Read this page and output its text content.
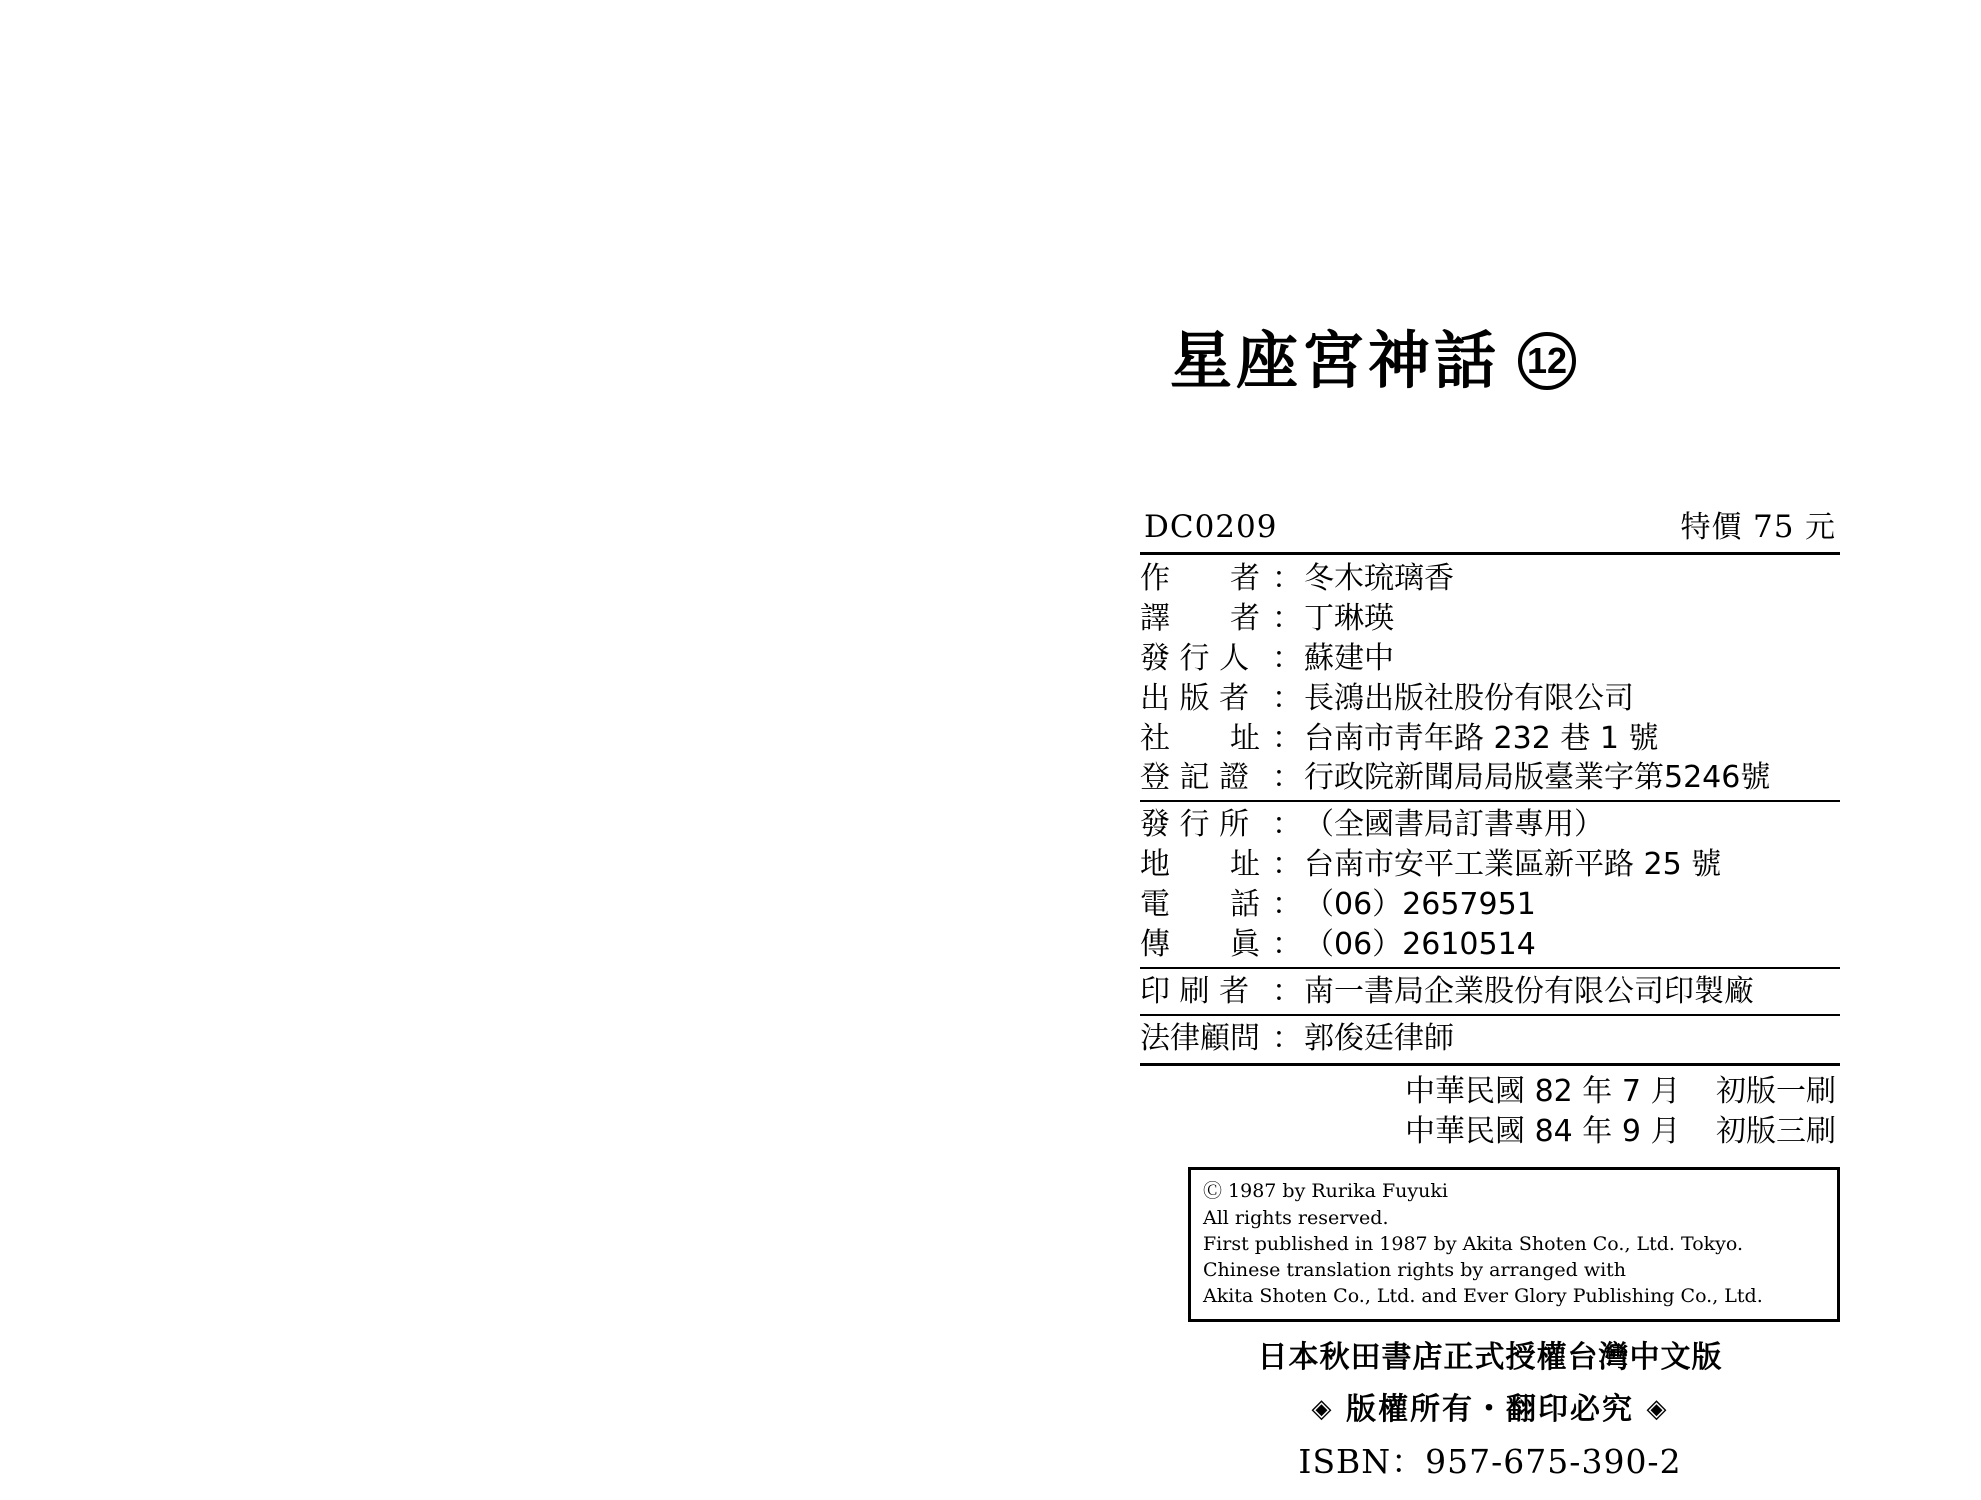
星座宮神話 12
DC0209	特價 75 元
作　　者 ： 冬木琉璃香
譯　　者 ： 丁琳瑛
發 行 人 ： 蘇建中
出 版 者 ： 長鴻出版社股份有限公司
社　　址 ： 台南市靑年路 232 巷 1 號
登 記 證 ： 行政院新聞局局版臺業字第5246號
發 行 所 ： （全國書局訂書專用）
地　　址 ： 台南市安平工業區新平路 25 號
電　　話 ： （06）2657951
傳　　眞 ： （06）2610514
印 刷 者 ： 南一書局企業股份有限公司印製廠
法律顧問 ： 郭俊廷律師
中華民國 82 年 7 月 初版一刷
中華民國 84 年 9 月 初版三刷
Ⓒ 1987 by Rurika Fuyuki
All rights reserved.
First published in 1987 by Akita Shoten Co., Ltd. Tokyo.
Chinese translation rights by arranged with
Akita Shoten Co., Ltd. and Ever Glory Publishing Co., Ltd.
日本秋田書店正式授權台灣中文版
◈ 版權所有・翻印必究 ◈
ISBN：957-675-390-2
